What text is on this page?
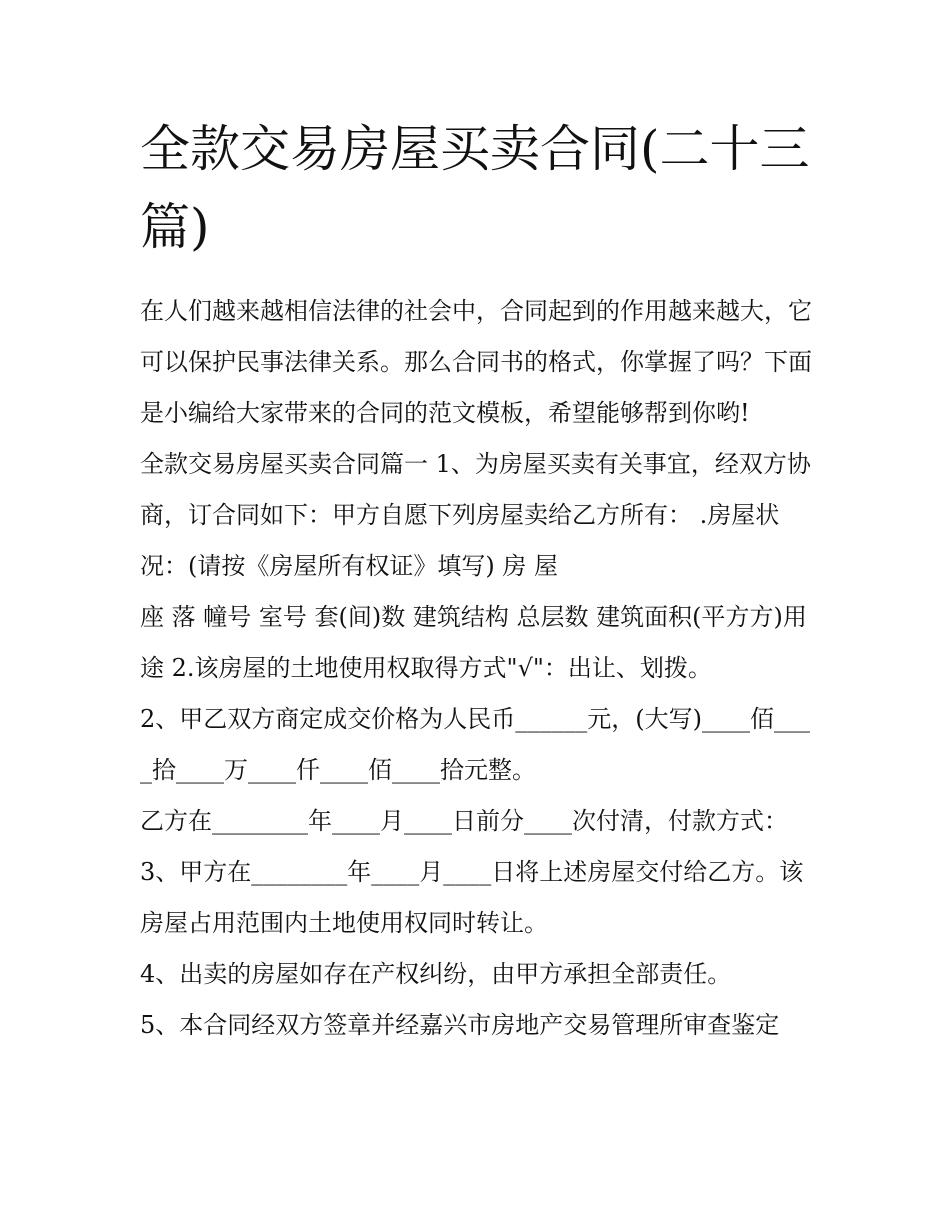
全款交易房屋买卖合同(二十三篇)

在人们越来越相信法律的社会中，合同起到的作用越来越大，它可以保护民事法律关系。那么合同书的格式，你掌握了吗？下面是小编给大家带来的合同的范文模板，希望能够帮到你哟!

全款交易房屋买卖合同篇一 1、为房屋买卖有关事宜，经双方协商，订合同如下：甲方自愿下列房屋卖给乙方所有： .房屋状况：(请按《房屋所有权证》填写) 房 屋

座 落 幢号 室号 套(间)数 建筑结构 总层数 建筑面积(平方方)用途 2.该房屋的土地使用权取得方式"√"：出让、划拨。

2、甲乙双方商定成交价格为人民币______元，(大写)____佰____拾____万____仟____佰____拾元整。

乙方在________年____月____日前分____次付清，付款方式：

3、甲方在________年____月____日将上述房屋交付给乙方。该房屋占用范围内土地使用权同时转让。

4、出卖的房屋如存在产权纠纷，由甲方承担全部责任。

5、本合同经双方签章并经嘉兴市房地产交易管理所审查鉴定
